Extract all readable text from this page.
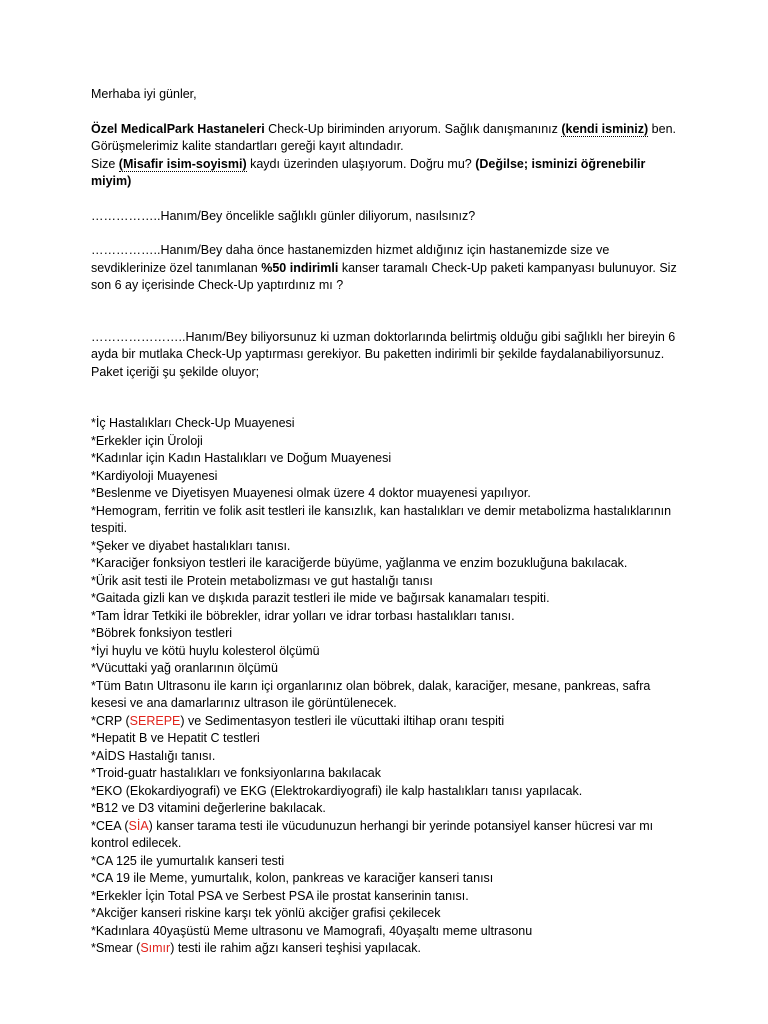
Merhaba iyi günler,

Özel MedicalPark Hastaneleri Check-Up biriminden arıyorum. Sağlık danışmanınız (kendi isminiz) ben. Görüşmelerimiz kalite standartları gereği kayıt altındadır.
Size (Misafir isim-soyismi) kaydı üzerinden ulaşıyorum. Doğru mu? (Değilse; isminizi öğrenebilir miyim)

……………..Hanım/Bey öncelikle sağlıklı günler diliyorum, nasılsınız?

……………..Hanım/Bey daha önce hastanemizden hizmet aldığınız için hastanemizde size ve sevdiklerinize özel tanımlanan %50 indirimli kanser taramalı Check-Up paketi kampanyası bulunuyor. Siz son 6 ay içerisinde Check-Up yaptırdınız mı ?

…………………..Hanım/Bey biliyorsunuz ki uzman doktorlarında belirtmiş olduğu gibi sağlıklı her bireyin 6 ayda bir mutlaka Check-Up yaptırması gerekiyor. Bu paketten indirimli bir şekilde faydalanabiliyorsunuz. Paket içeriği şu şekilde oluyor;

*İç Hastalıkları Check-Up Muayenesi
*Erkekler için Üroloji
*Kadınlar için Kadın Hastalıkları ve Doğum Muayenesi
*Kardiyoloji Muayenesi
*Beslenme ve Diyetisyen Muayenesi olmak üzere 4 doktor muayenesi yapılıyor.
*Hemogram, ferritin ve folik asit testleri ile kansızlık, kan hastalıkları ve demir metabolizma hastalıklarının tespiti.
*Şeker ve diyabet hastalıkları tanısı.
*Karaciğer fonksiyon testleri ile karaciğerde büyüme, yağlanma ve enzim bozukluğuna bakılacak.
*Ürik asit testi ile Protein metabolizması ve gut hastalığı tanısı
*Gaitada gizli kan ve dışkıda parazit testleri ile mide ve bağırsak kanamaları tespiti.
*Tam İdrar Tetkiki ile böbrekler, idrar yolları ve idrar torbası hastalıkları tanısı.
*Böbrek fonksiyon testleri
*İyi huylu ve kötü huylu kolesterol ölçümü
*Vücuttaki yağ oranlarının ölçümü
*Tüm Batın Ultrasonu ile karın içi organlarınız olan böbrek, dalak, karaciğer, mesane, pankreas, safra kesesi ve ana damarlarınız ultrason ile görüntülenecek.
*CRP (SEREPE) ve Sedimentasyon testleri ile vücuttaki iltihap oranı tespiti
*Hepatit B ve Hepatit C testleri
*AİDS Hastalığı tanısı.
*Troid-guatr hastalıkları ve fonksiyonlarına bakılacak
*EKO (Ekokardiyografi) ve EKG (Elektrokardiyografi) ile kalp hastalıkları tanısı yapılacak.
*B12 ve D3 vitamini değerlerine bakılacak.
*CEA (SİA) kanser tarama testi ile vücudunuzun herhangi bir yerinde potansiyel kanser hücresi var mı kontrol edilecek.
*CA 125 ile yumurtalık kanseri testi
*CA 19 ile Meme, yumurtalık, kolon, pankreas ve karaciğer kanseri tanısı
*Erkekler İçin Total PSA ve Serbest PSA ile prostat kanserinin tanısı.
*Akciğer kanseri riskine karşı tek yönlü akciğer grafisi çekilecek
*Kadınlara 40yaşüstü Meme ultrasonu ve Mamografi, 40yaşaltı meme ultrasonu
*Smear (Sımır) testi ile rahim ağzı kanseri teşhisi yapılacak.
